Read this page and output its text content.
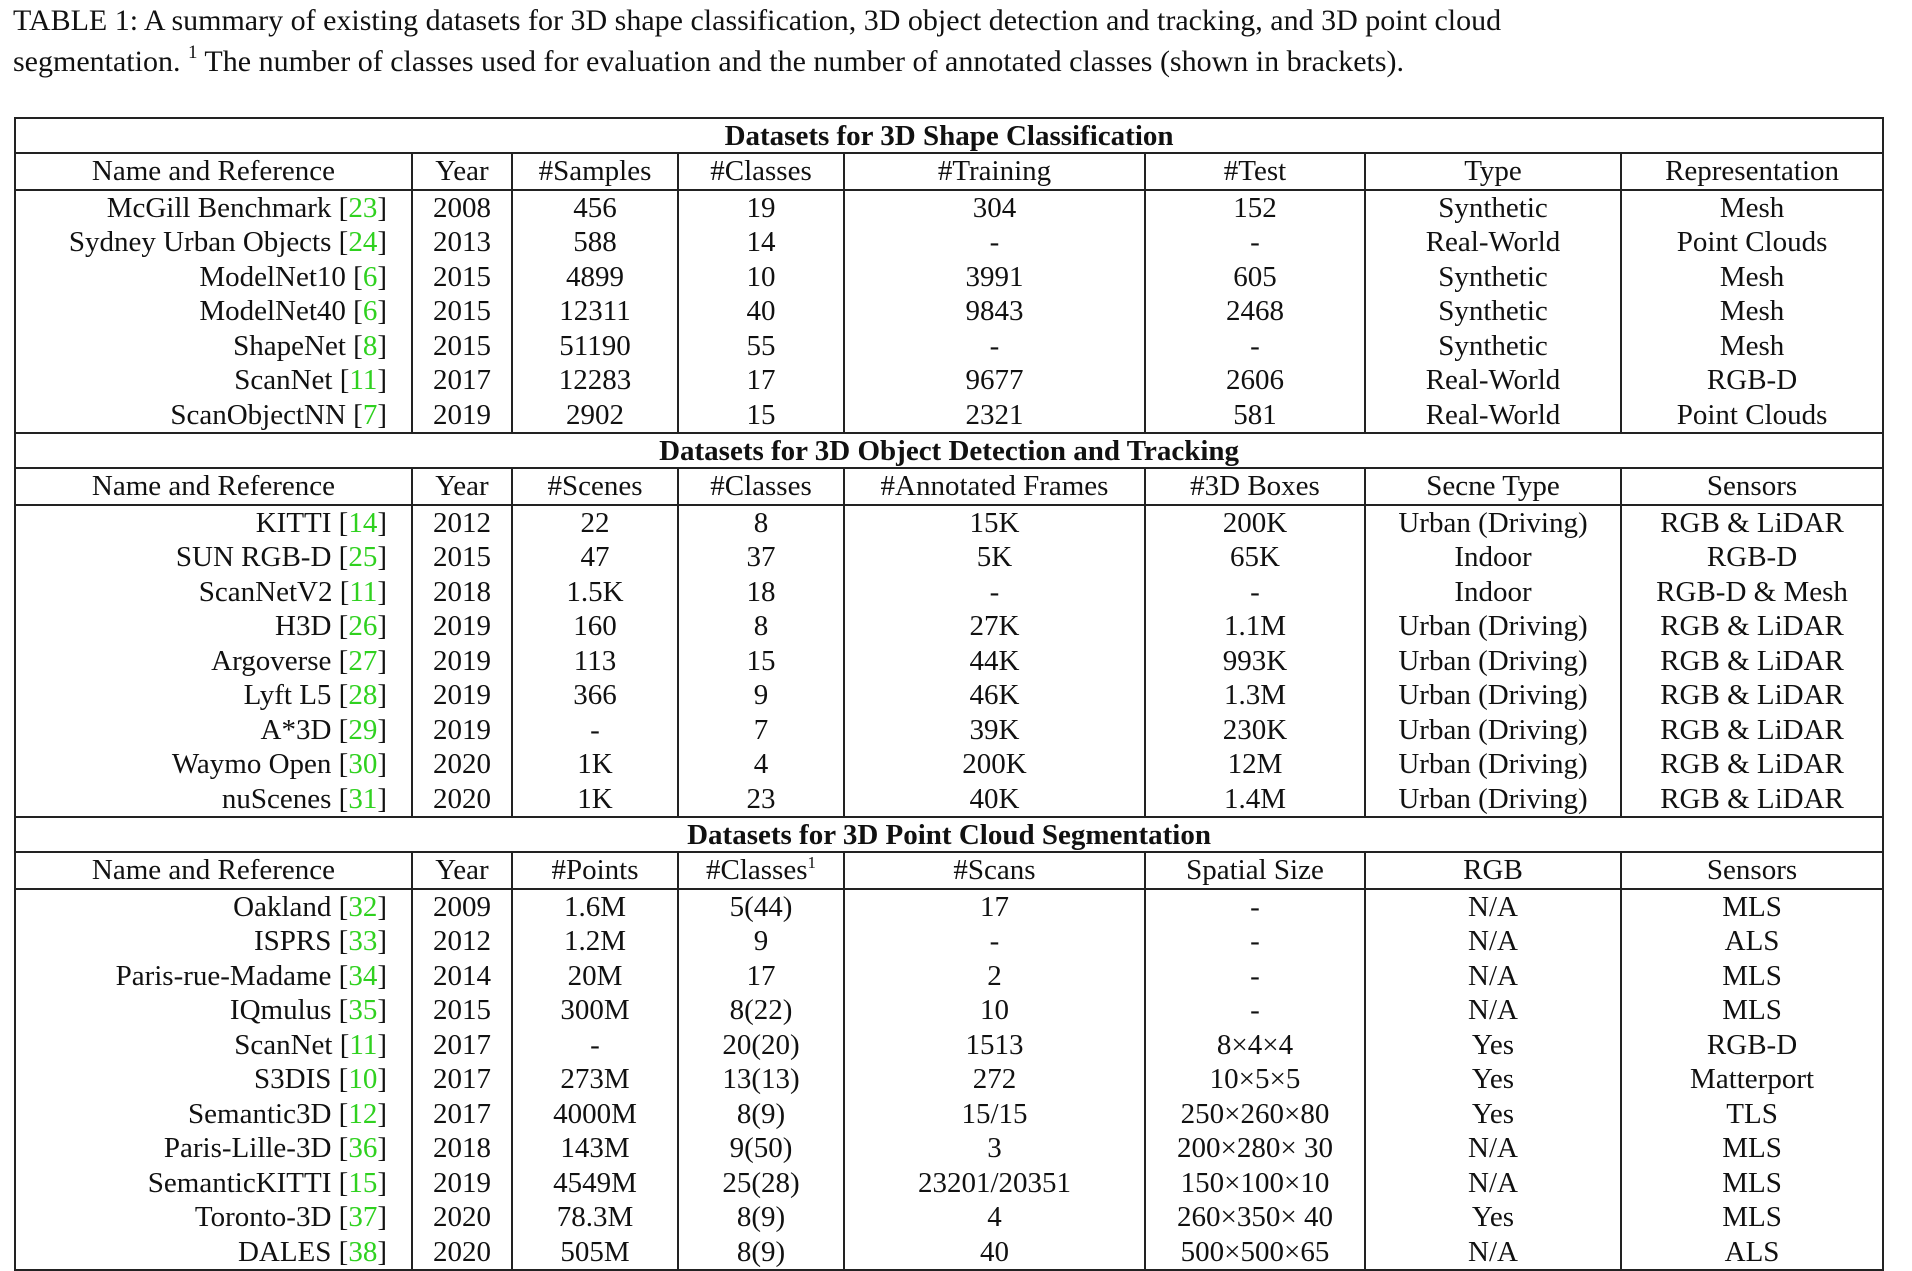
TABLE 1: A summary of existing datasets for 3D shape classification, 3D object detection and tracking, and 3D point cloud
segmentation. $^1$ The number of classes used for evaluation and the number of annotated classes (shown in brackets).
Datasets for 3D Shape Classification							
Name and Reference	Year	#Samples	#Classes	#Training	#Test	Type	Representation
McGill Benchmark [23]	2008	456	19	304	152	Synthetic	Mesh
Sydney Urban Objects [24]	2013	588	14	-	-	Real-World	Point Clouds
ModelNet10 [6]	2015	4899	10	3991	605	Synthetic	Mesh
ModelNet40 [6]	2015	12311	40	9843	2468	Synthetic	Mesh
ShapeNet [8]	2015	51190	55	-	-	Synthetic	Mesh
ScanNet [11]	2017	12283	17	9677	2606	Real-World	RGB-D
ScanObjectNN [7]	2019	2902	15	2321	581	Real-World	Point Clouds
Datasets for 3D Object Detection and Tracking							
Name and Reference	Year	#Scenes	#Classes	#Annotated Frames	#3D Boxes	Secne Type	Sensors
KITTI [14]	2012	22	8	15K	200K	Urban (Driving)	RGB & LiDAR
SUN RGB-D [25]	2015	47	37	5K	65K	Indoor	RGB-D
ScanNetV2 [11]	2018	1.5K	18	-	-	Indoor	RGB-D & Mesh
H3D [26]	2019	160	8	27K	1.1M	Urban (Driving)	RGB & LiDAR
Argoverse [27]	2019	113	15	44K	993K	Urban (Driving)	RGB & LiDAR
Lyft L5 [28]	2019	366	9	46K	1.3M	Urban (Driving)	RGB & LiDAR
A*3D [29]	2019	-	7	39K	230K	Urban (Driving)	RGB & LiDAR
Waymo Open [30]	2020	1K	4	200K	12M	Urban (Driving)	RGB & LiDAR
nuScenes [31]	2020	1K	23	40K	1.4M	Urban (Driving)	RGB & LiDAR
Datasets for 3D Point Cloud Segmentation							
Name and Reference	Year	#Points	#Classes$^1$	#Scans	Spatial Size	RGB	Sensors
Oakland [32]	2009	1.6M	5(44)	17	-	N/A	MLS
ISPRS [33]	2012	1.2M	9	-	-	N/A	ALS
Paris-rue-Madame [34]	2014	20M	17	2	-	N/A	MLS
IQmulus [35]	2015	300M	8(22)	10	-	N/A	MLS
ScanNet [11]	2017	-	20(20)	1513	8×4×4	Yes	RGB-D
S3DIS [10]	2017	273M	13(13)	272	10×5×5	Yes	Matterport
Semantic3D [12]	2017	4000M	8(9)	15/15	250×260×80	Yes	TLS
Paris-Lille-3D [36]	2018	143M	9(50)	3	200×280× 30	N/A	MLS
SemanticKITTI [15]	2019	4549M	25(28)	23201/20351	150×100×10	N/A	MLS
Toronto-3D [37]	2020	78.3M	8(9)	4	260×350× 40	Yes	MLS
DALES [38]	2020	505M	8(9)	40	500×500×65	N/A	ALS
